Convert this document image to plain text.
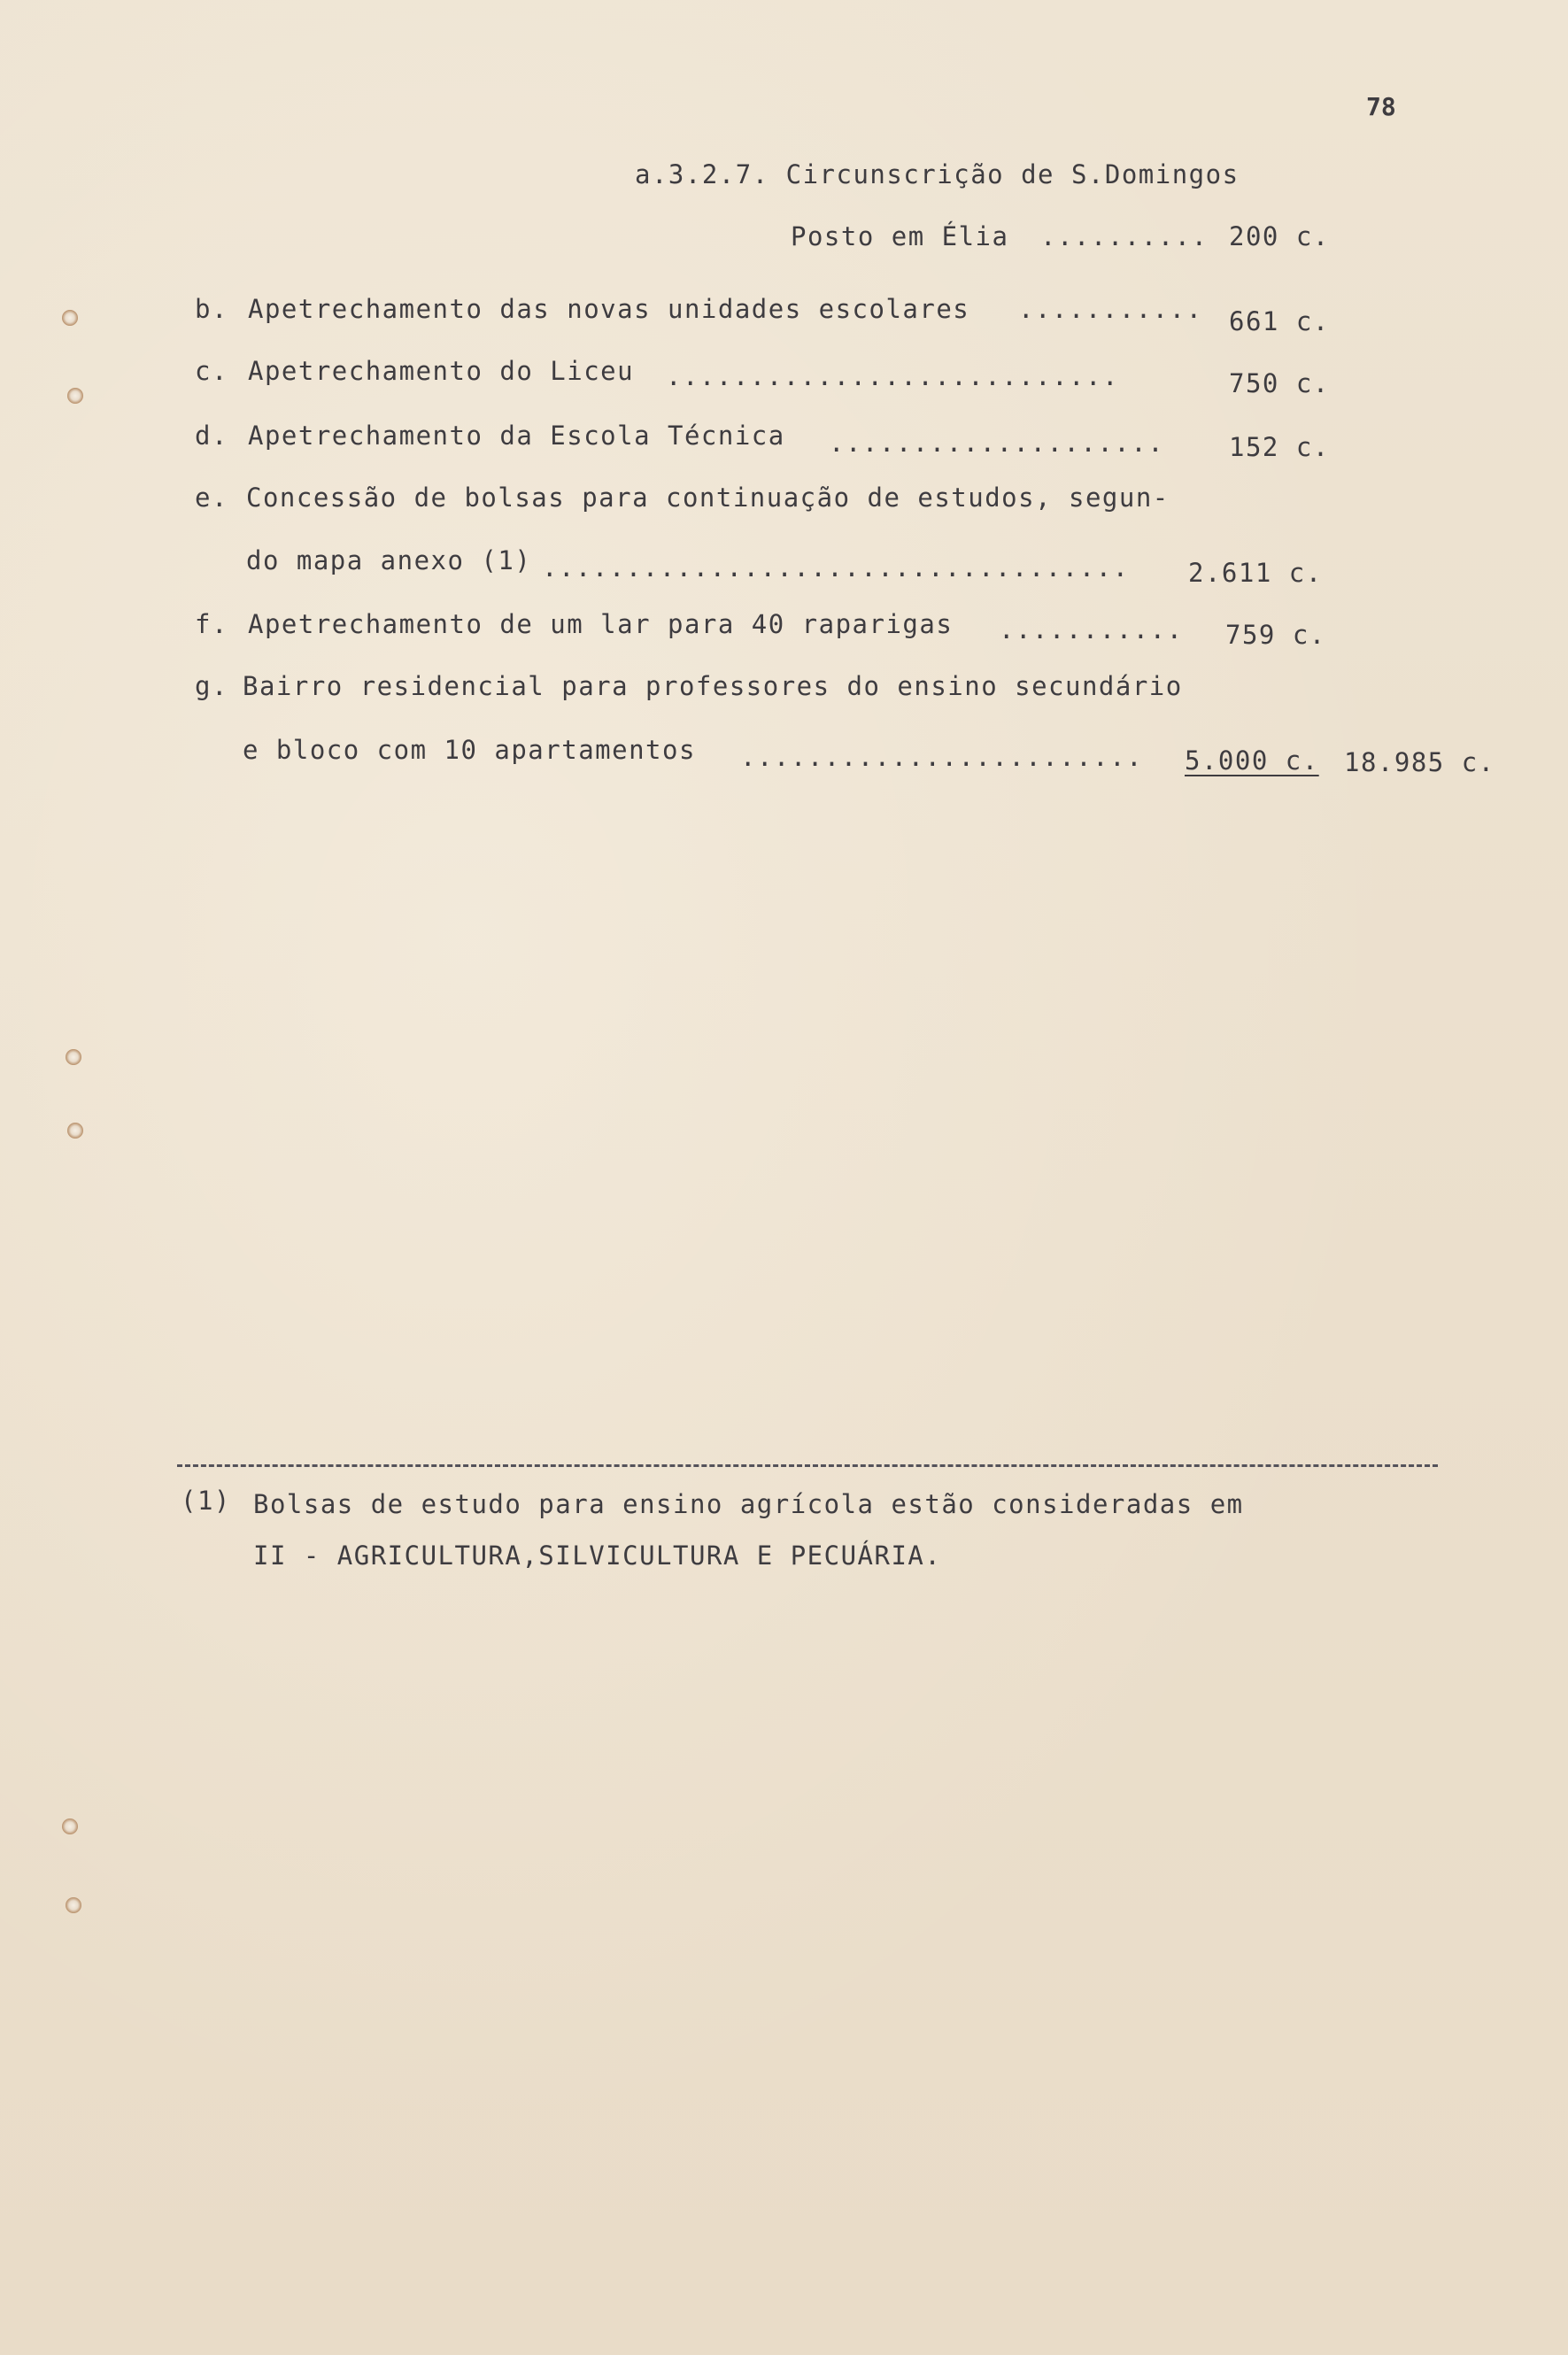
78
a.3.2.7. Circunscrição de S.Domingos
Posto em Élia .......... 200 c.
b. Apetrechamento das novas unidades escolares ........... 661 c.
c. Apetrechamento do Liceu ...........................	750 c.
d. Apetrechamento da Escola Técnica ....................	152 c.
e. Concessão de bolsas para continuação de estudos, segun-
do mapa anexo (1) ...................................	2.611 c.
f. Apetrechamento de um lar para 40 raparigas ........... 759 c.
g. Bairro residencial para professores do ensino secundário
e bloco com 10 apartamentos ........................	5.000 c. 18.985 c.
(1) Bolsas de estudo para ensino agrícola estão consideradas em
II - AGRICULTURA,SILVICULTURA E PECUÁRIA.
